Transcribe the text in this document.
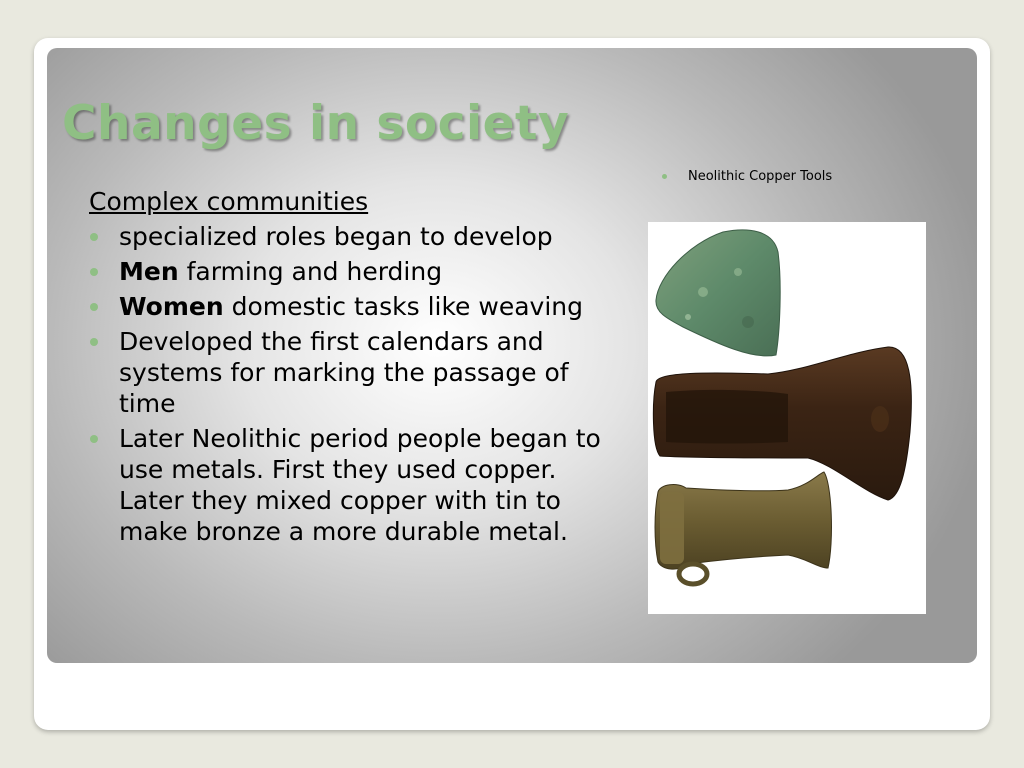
Changes in society

Complex communities

specialized roles began to develop
Men farming and herding
Women domestic tasks like weaving
Developed the first calendars and systems for marking the passage of time
Later Neolithic period people began to use metals. First they used copper. Later they mixed copper with tin to make bronze a more durable metal.
Neolithic Copper Tools
